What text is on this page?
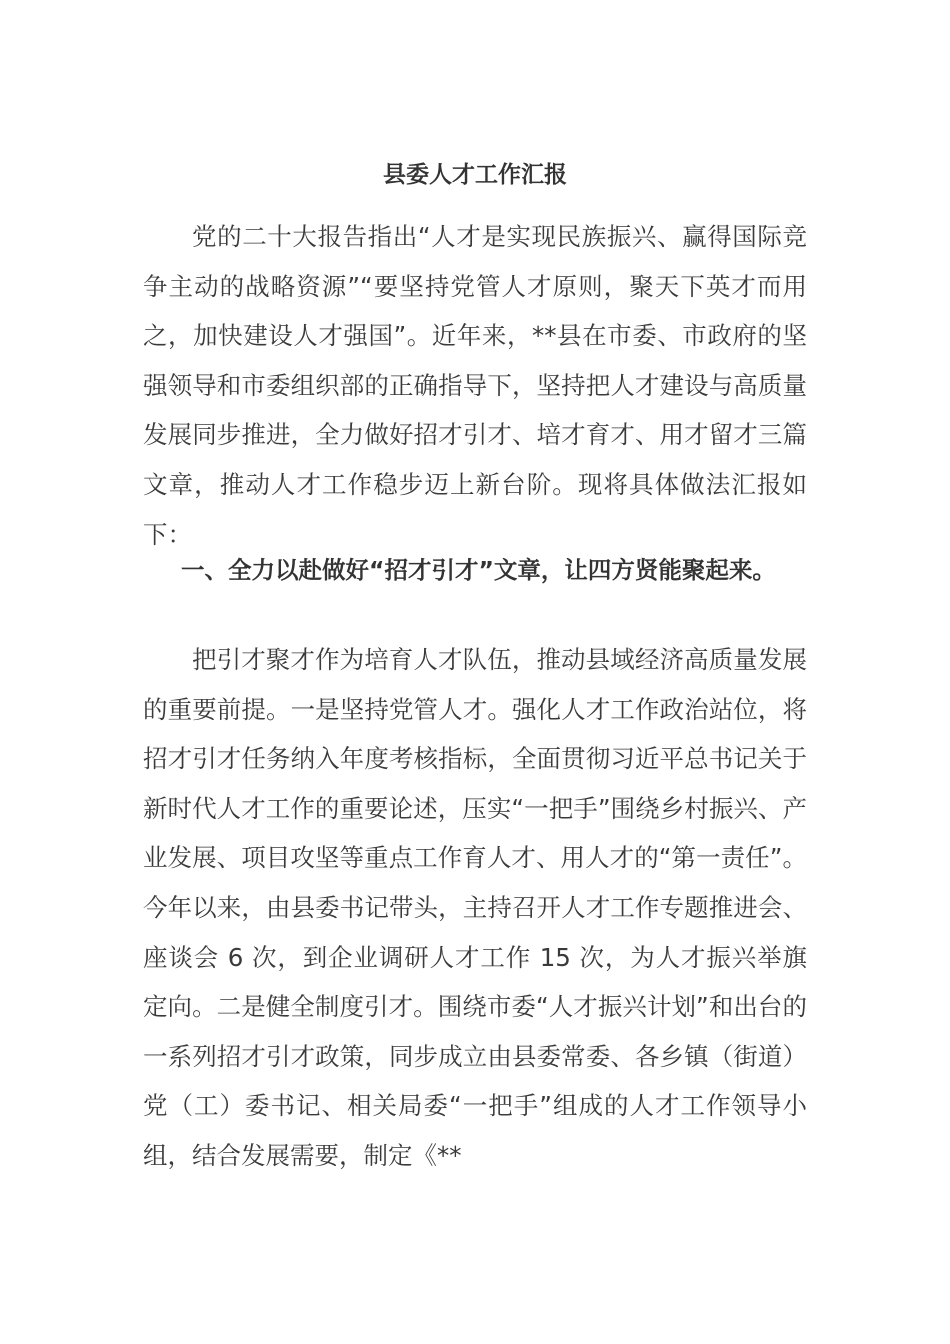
县委人才工作汇报
党的二十大报告指出“人才是实现民族振兴、赢得国际竞争主动的战略资源”“要坚持党管人才原则，聚天下英才而用之，加快建设人才强国”。近年来，**县在市委、市政府的坚强领导和市委组织部的正确指导下，坚持把人才建设与高质量发展同步推进，全力做好招才引才、培才育才、用才留才三篇文章，推动人才工作稳步迈上新台阶。现将具体做法汇报如下：
一、全力以赴做好“招才引才”文章，让四方贤能聚起来。
把引才聚才作为培育人才队伍，推动县域经济高质量发展的重要前提。一是坚持党管人才。强化人才工作政治站位，将招才引才任务纳入年度考核指标，全面贯彻习近平总书记关于新时代人才工作的重要论述，压实“一把手”围绕乡村振兴、产业发展、项目攻坚等重点工作育人才、用人才的“第一责任”。今年以来，由县委书记带头，主持召开人才工作专题推进会、座谈会 6 次，到企业调研人才工作 15 次，为人才振兴举旗定向。二是健全制度引才。围绕市委“人才振兴计划”和出台的一系列招才引才政策，同步成立由县委常委、各乡镇（街道）党（工）委书记、相关局委“一把手”组成的人才工作领导小组，结合发展需要，制定《**
